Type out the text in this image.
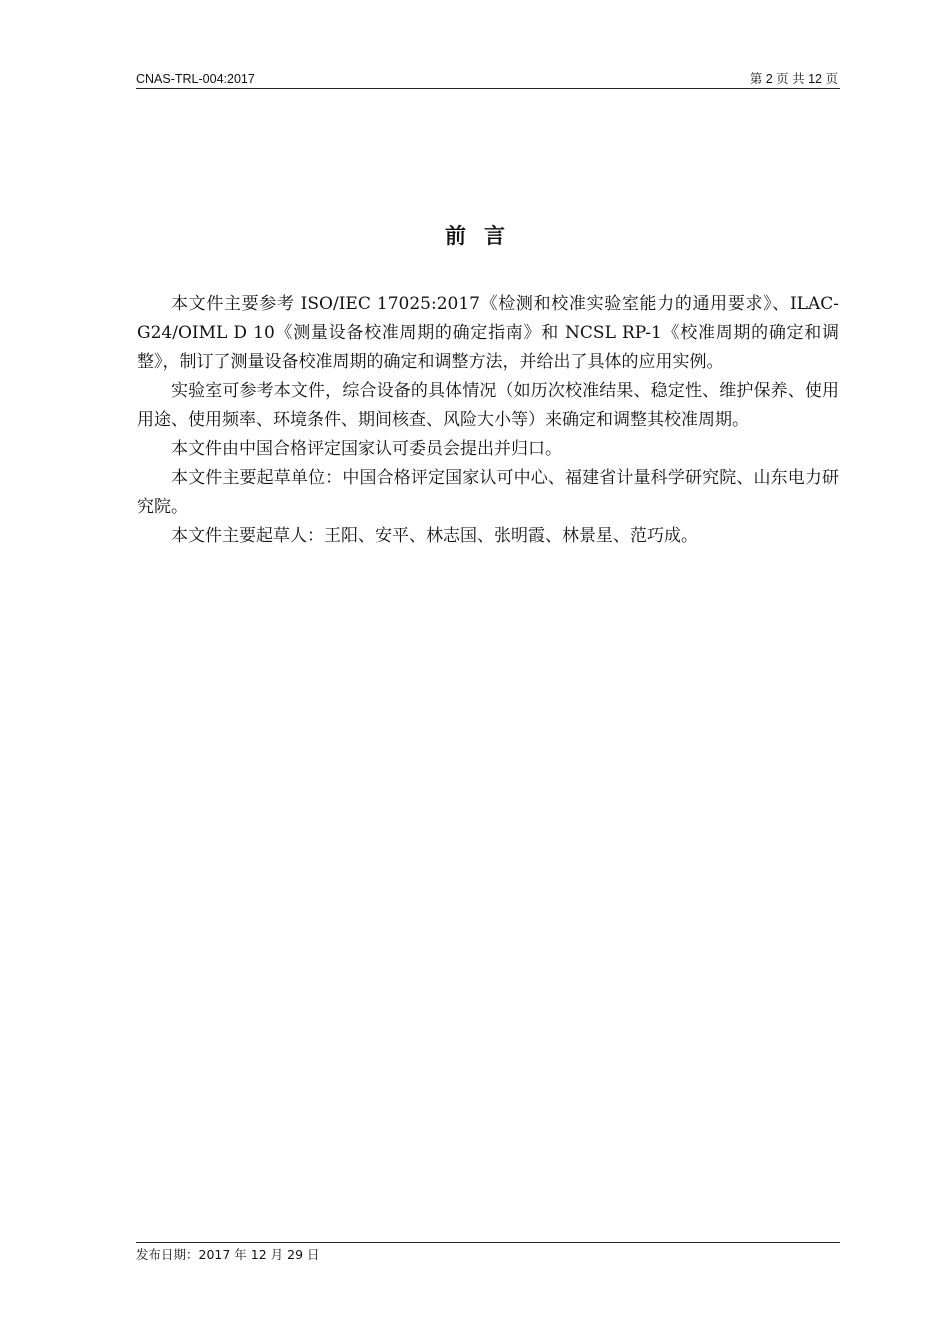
CNAS-TRL-004:2017	第 2 页 共 12 页
前言

本文件主要参考 ISO/IEC 17025:2017《检测和校准实验室能力的通用要求》、ILAC-G24/OIML D 10《测量设备校准周期的确定指南》和 NCSL RP-1《校准周期的确定和调整》，制订了测量设备校准周期的确定和调整方法，并给出了具体的应用实例。

实验室可参考本文件，综合设备的具体情况（如历次校准结果、稳定性、维护保养、使用用途、使用频率、环境条件、期间核查、风险大小等）来确定和调整其校准周期。

本文件由中国合格评定国家认可委员会提出并归口。

本文件主要起草单位：中国合格评定国家认可中心、福建省计量科学研究院、山东电力研究院。

本文件主要起草人：王阳、安平、林志国、张明霞、林景星、范巧成。

发布日期：2017 年 12 月 29 日
